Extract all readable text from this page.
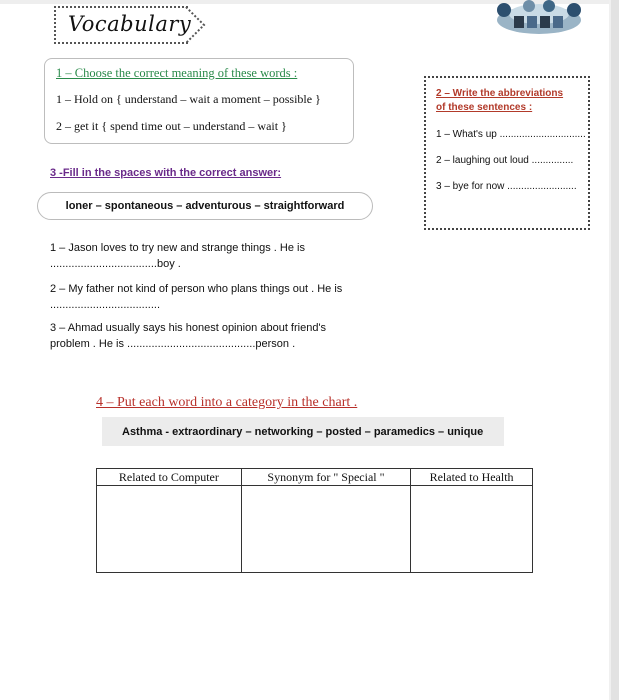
Vocabulary
1 – Choose the correct meaning of these words :
1 – Hold on { understand – wait a moment – possible }
2 – get it { spend time out – understand – wait }
2 – Write the abbreviations
of these sentences :
1 – What's up ...............................
2 – laughing out loud ...............
3 – bye for now .........................
3 -Fill in the spaces with the correct answer:
loner – spontaneous – adventurous – straightforward
1 – Jason loves to try new and strange things . He is
...................................boy .
2 – My father not kind of person who plans things out . He is
....................................
3 – Ahmad usually says his honest opinion about friend's
problem . He is ..........................................person .
4 – Put each word into a category in the chart .
Asthma - extraordinary – networking – posted – paramedics – unique
Related to Computer	Synonym for " Special "	Related to Health
